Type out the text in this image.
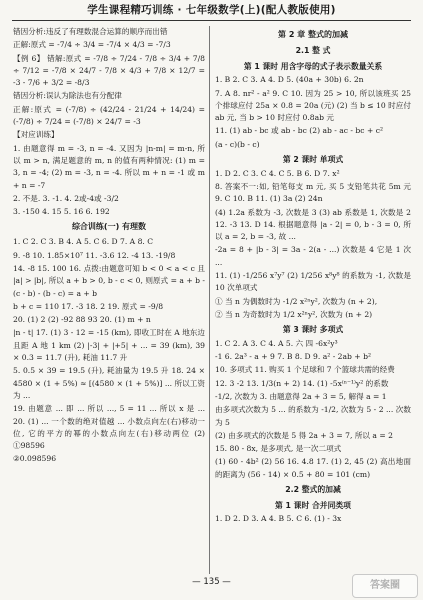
学生课程精巧训练 · 七年级数学(上)(配人教版使用)
错因分析:违反了有理数混合运算的顺序而出错
正解:原式 = -7/4 ÷ 3/4 = -7/4 × 4/3 = -7/3
【例 6】 错解:原式 = -7/8 ÷ 7/24 - 7/8 ÷ 3/4 + 7/8 ÷ 7/12 = -7/8 × 24/7 - 7/8 × 4/3 + 7/8 × 12/7 = -3 - 7/6 + 3/2 = -8/3
错因分析:误认为除法也有分配律
正解:原式 = (-7/8) ÷ (42/24 - 21/24 + 14/24) = (-7/8) ÷ 7/24 = (-7/8) × 24/7 = -3
【对应训练】
1. 由题意得 m = -3, n = -4. 又因为 |n-m| = m-n, 所以 m > n, 满足题意的 m, n 的值有两种情况: (1) m = 3, n = -4; (2) m = -3, n = -4. 所以 m + n = -1 或 m + n = -7
2. 不是. 3. -1. 4. 2或-4或 -3/2
3. -150 4. 15 5. 16 6. 192
综合训练(一) 有理数
1. C 2. C 3. B 4. A 5. C 6. D 7. A 8. C
9. -8 10. 1.85×10⁷ 11. -3.6 12. -4 13. -19/8
14. -8 15. 100 16. 点拨:由题意可知 b < 0 < a < c 且 |a| > |b|, 所以 a + b > 0, b - c < 0, 则原式 = a + b - (c - b) - (b - c) = a + b
b + c = 110 17. -3 18. 2 19. 原式 = -9/8
20. (1) 2 (2) -92 88 93 20. (1) m + n
|n - t| 17. (1) 3 - 12 = -15 (km), 即收工时在 A 地东边且距 A 地 1 km (2) |-3| + |+5| + ... = 39 (km), 39 × 0.3 = 11.7 (升), 耗油 11.7 升
5. 0.5 × 39 = 19.5 (升), 耗油量为 19.5 升 18. 24 × 4580 × (1 + 5%) ≈ [(4580 × (1 + 5%)] ... 所以工资为 ...
19. 由题意 ... 即 ... 所以 ..., 5 = 11 ... 所以 x 是 ... 20. (1) ... 一个数的绝对值越 ... 小数点向左(右)移动一位, 它的平方的幂的小数点向左(右)移动两位 (2) ①98596
②0.098596
第 2 章 整式的加减
2.1 整 式
第 1 课时 用含字母的式子表示数量关系
1. B 2. C 3. A 4. D 5. (40a + 30b) 6. 2n
7. A 8. nr² - a² 9. C 10. 因为 25 > 10, 所以该班买 25 个排球应付 25a × 0.8 = 20a (元) (2) 当 b ≤ 10 时应付 ab 元, 当 b > 10 时应付 0.8ab 元
11. (1) ab - bc 或 ab - bc (2) ab - ac - bc + c²
(a - c)(b - c)
第 2 课时 单项式
1. D 2. C 3. C 4. C 5. B 6. D 7. x²
8. 答案不一:如, 铅笔每支 m 元, 买 5 支铅笔共花 5m 元 9. C 10. B 11. (1) 3a (2) 24n
(4) 1.2a 系数为 -3, 次数是 3 (3) ab 系数是 1, 次数是 2 12. -3 13. D 14. 根据题意得 |a - 2| = 0, b - 3 = 0, 所以 a = 2, b = -3, 故 ...
-2a = 8 + |b - 3| = 3a - 2(a - ...) 次数是 4 它是 1 次 ...
11. (1) -1/256 x⁷y⁷ (2) 1/256 x⁸y⁸ 的系数为 -1, 次数是 10 次单项式
① 当 n 为偶数时为 -1/2 x²ⁿy², 次数为 (n + 2),
② 当 n 为奇数时为 1/2 x²ⁿy², 次数为 (n + 2)
第 3 课时 多项式
1. C 2. A 3. C 4. A 5. 六 四 -6x²y³
-1 6. 2a³ - a + 9 7. B 8. D 9. a² - 2ab + b²
10. 多项式 11. 购买 1 个足球和 7 个篮球共需的经费
12. 3 -2 13. 1/3(n + 2) 14. (1) -5x⁽ⁿ⁻¹⁾y² 的系数
-1/2, 次数为 3. 由题意得 2a + 3 = 5, 解得 a = 1
由多项式次数为 5 ... 的系数为 -1/2, 次数为 5 - 2 ... 次数为 5
(2) 由多项式的次数是 5 得 2a + 3 = 7, 所以 a = 2
15. 80 - 8x, 是多项式, 是一次二项式
(1) 60 - 4b² (2) 56 16. 4.8 17. (1) 2, 45 (2) 高出地面的距离为 (56 - 14) × 0.5 + 80 = 101 (cm)
2.2 整式的加减
第 1 课时 合并同类项
1. D 2. D 3. A 4. B 5. C 6. (1) - 3x
— 135 —	答案圈
